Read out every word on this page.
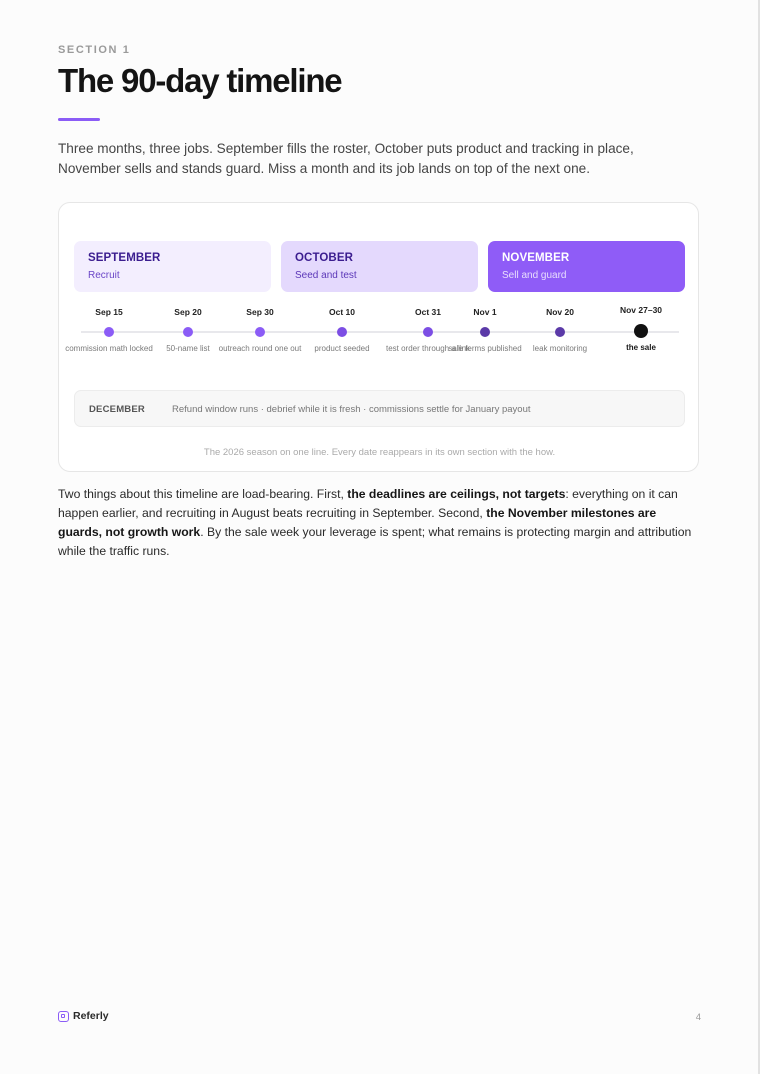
SECTION 1
The 90-day timeline

Three months, three jobs. September fills the roster, October puts product and tracking in place, November sells and stands guard. Miss a month and its job lands on top of the next one.

SEPTEMBER
Recruit
OCTOBER
Seed and test
NOVEMBER
Sell and guard
Sep 15
commission math locked
Sep 20
50-name list
Sep 30
outreach round one out
Oct 10
product seeded
Oct 31
test order through a link
Nov 1
sale terms published
Nov 20
leak monitoring
Nov 27–30
the sale
DECEMBER	Refund window runs · debrief while it is fresh · commissions settle for January payout
The 2026 season on one line. Every date reappears in its own section with the how.

Two things about this timeline are load-bearing. First, the deadlines are ceilings, not targets: everything on it can happen earlier, and recruiting in August beats recruiting in September. Second, the November milestones are guards, not growth work. By the sale week your leverage is spent; what remains is protecting margin and attribution while the traffic runs.

Referly	4
